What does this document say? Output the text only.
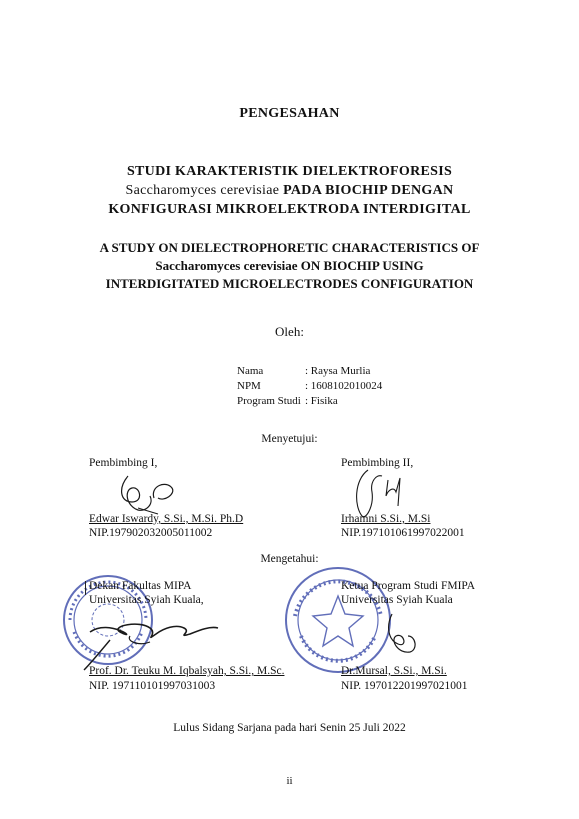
PENGESAHAN
STUDI KARAKTERISTIK DIELEKTROFORESIS
Saccharomyces cerevisiae PADA BIOCHIP DENGAN
KONFIGURASI MIKROELEKTRODA INTERDIGITAL
A STUDY ON DIELECTROPHORETIC CHARACTERISTICS OF
Saccharomyces cerevisiae ON BIOCHIP USING
INTERDIGITATED MICROELECTRODES CONFIGURATION
Oleh:
Nama	: Raysa Murlia
NPM	: 1608102010024
Program Studi : Fisika
Menyetujui:
Pembimbing I,	Pembimbing II,
Edwar Iswardy, S.Si., M.Si. Ph.D
NIP.197902032005011002
Irhamni S.Si., M.Si
NIP.197101061997022001
Mengetahui:
Dekan Fakultas MIPA
Universitas Syiah Kuala,
Ketua Program Studi FMIPA
Universitas Syiah Kuala
Prof. Dr. Teuku M. Iqbalsyah, S.Si., M.Sc.
NIP. 197110101997031003
Dr.Mursal, S.Si., M.Si.
NIP. 197012201997021001
Lulus Sidang Sarjana pada hari Senin 25 Juli 2022
ii
